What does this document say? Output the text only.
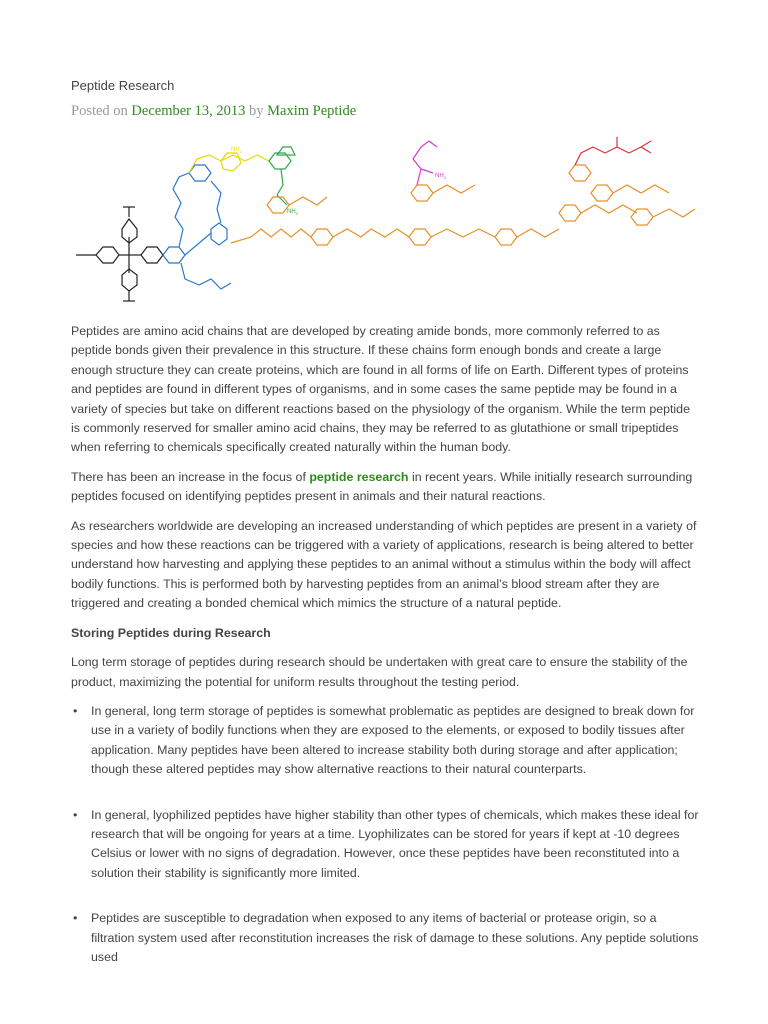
Peptide Research
Posted on December 13, 2013 by Maxim Peptide
$NH_2$
$NH_2$
$NH_2$

Peptides are amino acid chains that are developed by creating amide bonds, more commonly referred to as peptide bonds given their prevalence in this structure. If these chains form enough bonds and create a large enough structure they can create proteins, which are found in all forms of life on Earth. Different types of proteins and peptides are found in different types of organisms, and in some cases the same peptide may be found in a variety of species but take on different reactions based on the physiology of the organism. While the term peptide is commonly reserved for smaller amino acid chains, they may be referred to as glutathione or small tripeptides when referring to chemicals specifically created naturally within the human body.

There has been an increase in the focus of peptide research in recent years. While initially research surrounding peptides focused on identifying peptides present in animals and their natural reactions.

As researchers worldwide are developing an increased understanding of which peptides are present in a variety of species and how these reactions can be triggered with a variety of applications, research is being altered to better understand how harvesting and applying these peptides to an animal without a stimulus within the body will affect bodily functions. This is performed both by harvesting peptides from an animal’s blood stream after they are triggered and creating a bonded chemical which mimics the structure of a natural peptide.

Storing Peptides during Research

Long term storage of peptides during research should be undertaken with great care to ensure the stability of the product, maximizing the potential for uniform results throughout the testing period.

• In general, long term storage of peptides is somewhat problematic as peptides are designed to break down for use in a variety of bodily functions when they are exposed to the elements, or exposed to bodily tissues after application. Many peptides have been altered to increase stability both during storage and after application; though these altered peptides may show alternative reactions to their natural counterparts.
• In general, lyophilized peptides have higher stability than other types of chemicals, which makes these ideal for research that will be ongoing for years at a time. Lyophilizates can be stored for years if kept at -10 degrees Celsius or lower with no signs of degradation. However, once these peptides have been reconstituted into a solution their stability is significantly more limited.
• Peptides are susceptible to degradation when exposed to any items of bacterial or protease origin, so a filtration system used after reconstitution increases the risk of damage to these solutions. Any peptide solutions used
